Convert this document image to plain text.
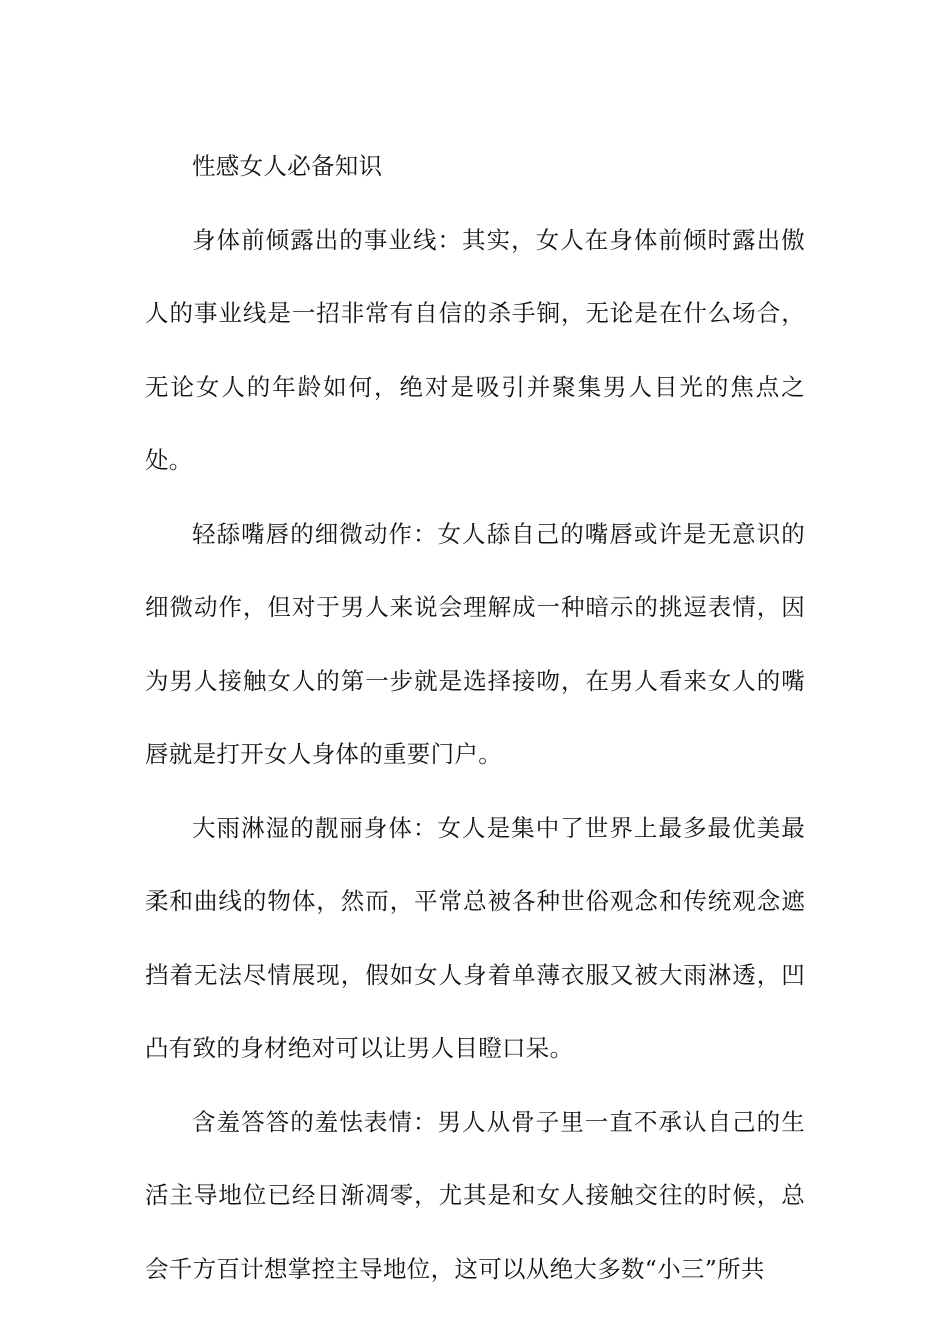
性感女人必备知识

身体前倾露出的事业线：其实，女人在身体前倾时露出傲人的事业线是一招非常有自信的杀手锏，无论是在什么场合，无论女人的年龄如何，绝对是吸引并聚集男人目光的焦点之处。

轻舔嘴唇的细微动作：女人舔自己的嘴唇或许是无意识的细微动作，但对于男人来说会理解成一种暗示的挑逗表情，因为男人接触女人的第一步就是选择接吻，在男人看来女人的嘴唇就是打开女人身体的重要门户。

大雨淋湿的靓丽身体：女人是集中了世界上最多最优美最柔和曲线的物体，然而，平常总被各种世俗观念和传统观念遮挡着无法尽情展现，假如女人身着单薄衣服又被大雨淋透，凹凸有致的身材绝对可以让男人目瞪口呆。

含羞答答的羞怯表情：男人从骨子里一直不承认自己的生活主导地位已经日渐凋零，尤其是和女人接触交往的时候，总会千方百计想掌控主导地位，这可以从绝大多数“小三”所共
